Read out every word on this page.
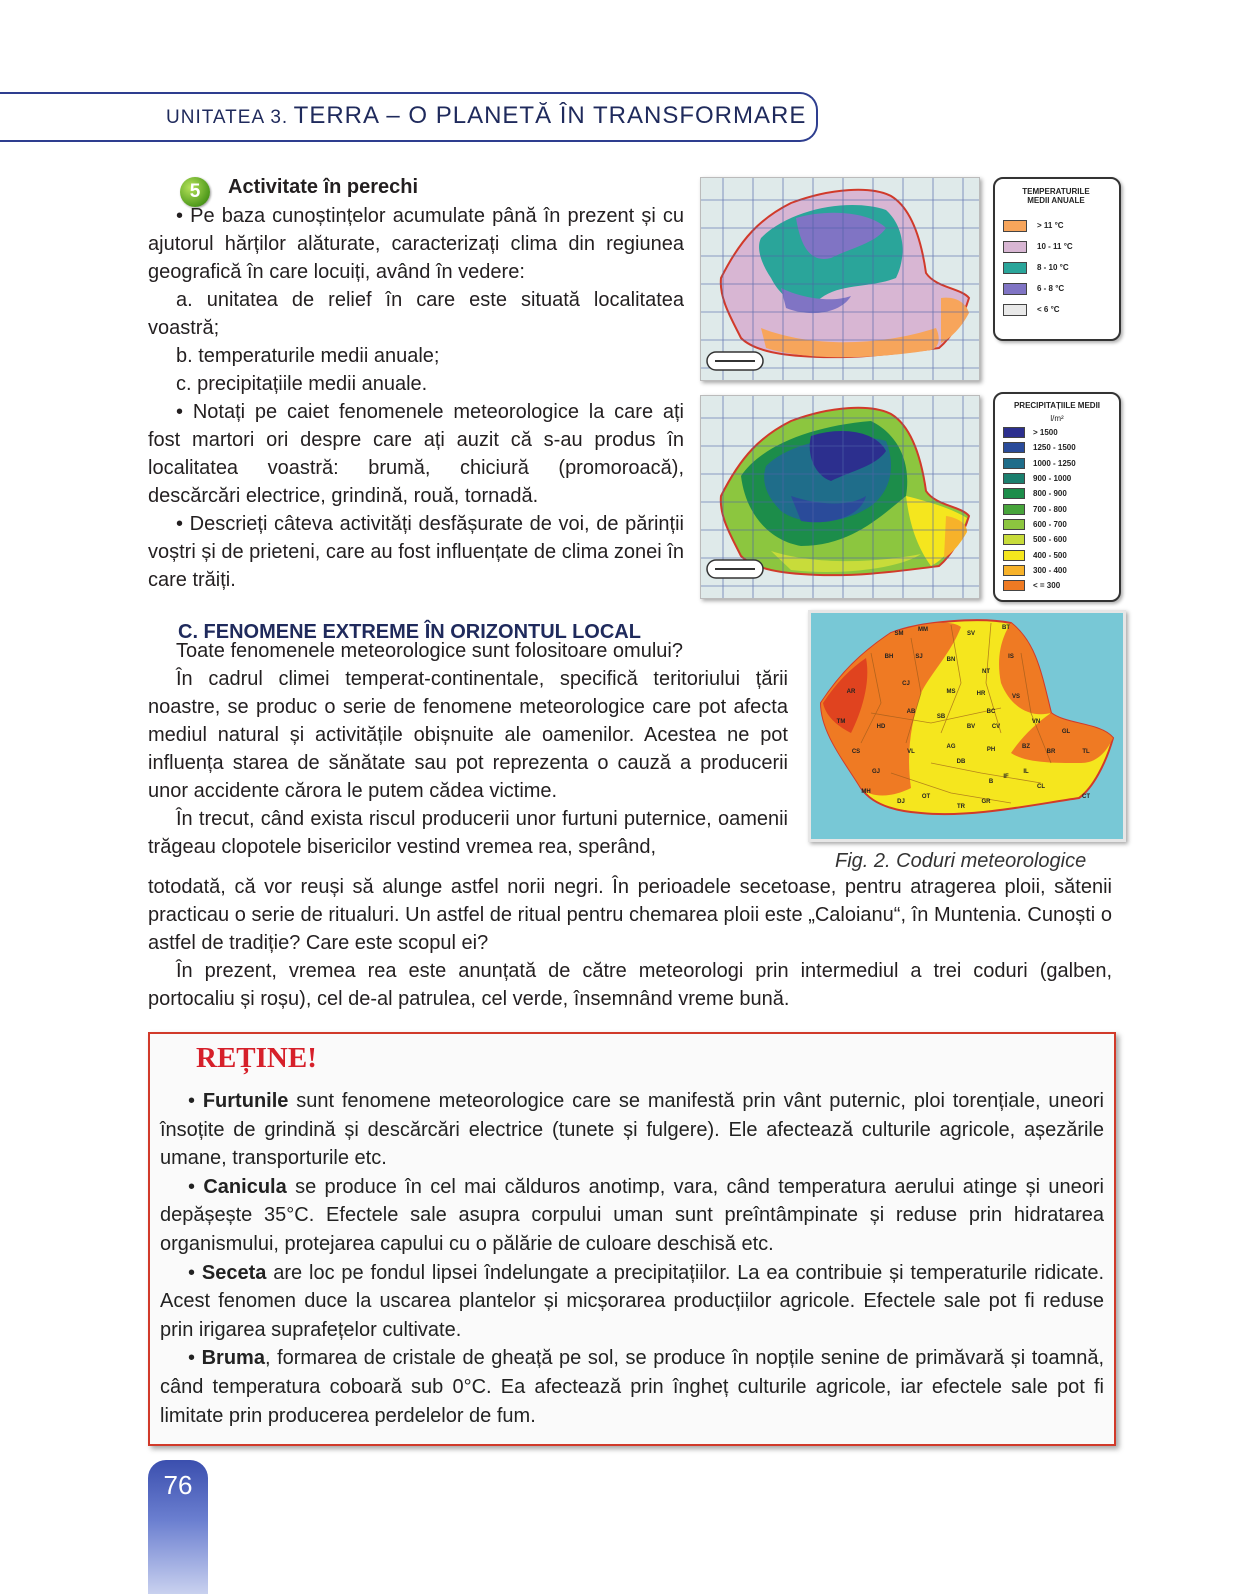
UNITATEA 3. TERRA – O PLANETĂ ÎN TRANSFORMARE
5	Activitate în perechi

• Pe baza cunoștințelor acumulate până în prezent și cu ajutorul hărților alăturate, caracterizați clima din regiunea geografică în care locuiți, având în vedere:

a. unitatea de relief în care este situată localitatea voastră;

b. temperaturile medii anuale;

c. precipitațiile medii anuale.

• Notați pe caiet fenomenele meteorologice la care ați fost martori ori despre care ați auzit că s-au produs în localitatea voastră: brumă, chiciură (promoroacă), descărcări electrice, grindină, rouă, tornadă.

• Descrieți câteva activități desfășurate de voi, de părinții voștri și de prieteni, care au fost influențate de clima zonei în care trăiți.

TEMPERATURILE MEDII ANUALE
> 11 °C
10 - 11 °C
8 - 10 °C
6 - 8 °C
< 6 °C
PRECIPITAȚIILE MEDII
l/m²
> 1500
1250 - 1500
1000 - 1250
900 - 1000
800 - 900
700 - 800
600 - 700
500 - 600
400 - 500
300 - 400
< = 300
SM
MM
SV
BT
BH	SJ	BN	IS
NT
AR
CJ
MS	HR	VS
BC
AB
TM
HD
SB
BV	CV
GL
VN
CS	VL
AG	PH	BZ
BR	TL
GJ
MH
DB
IL
CL
OT
TR
GR
B
IF
DJ
CT
Fig. 2. Coduri meteorologice
C. FENOMENE EXTREME ÎN ORIZONTUL LOCAL

Toate fenomenele meteorologice sunt folositoare omului?

În cadrul climei temperat-continentale, specifică teritoriului țării noastre, se produc o serie de fenomene meteorologice care pot afecta mediul natural și activitățile obișnuite ale oamenilor. Acestea ne pot influența starea de sănătate sau pot reprezenta o cauză a producerii unor accidente cărora le putem cădea victime.

În trecut, când exista riscul producerii unor furtuni puternice, oamenii trăgeau clopotele bisericilor vestind vremea rea, sperând,

totodată, că vor reuși să alunge astfel norii negri. În perioadele secetoase, pentru atragerea ploii, sătenii practicau o serie de ritualuri. Un astfel de ritual pentru chemarea ploii este „Caloianu“, în Muntenia. Cunoști o astfel de tradiție? Care este scopul ei?

În prezent, vremea rea este anunțată de către meteorologi prin intermediul a trei coduri (galben, portocaliu și roșu), cel de-al patrulea, cel verde, însemnând vreme bună.

REȚINE!

• Furtunile sunt fenomene meteorologice care se manifestă prin vânt puternic, ploi torențiale, uneori însoțite de grindină și descărcări electrice (tunete și fulgere). Ele afectează culturile agricole, așezările umane, transporturile etc.

• Canicula se produce în cel mai călduros anotimp, vara, când temperatura aerului atinge și uneori depășește 35°C. Efectele sale asupra corpului uman sunt preîntâmpinate și reduse prin hidratarea organismului, protejarea capului cu o pălărie de culoare deschisă etc.

• Seceta are loc pe fondul lipsei îndelungate a precipitațiilor. La ea contribuie și temperaturile ridicate. Acest fenomen duce la uscarea plantelor și micșorarea producțiilor agricole. Efectele sale pot fi reduse prin irigarea suprafețelor cultivate.

• Bruma, formarea de cristale de gheață pe sol, se produce în nopțile senine de primăvară și toamnă, când temperatura coboară sub 0°C. Ea afectează prin îngheț culturile agricole, iar efectele sale pot fi limitate prin producerea perdelelor de fum.

76
